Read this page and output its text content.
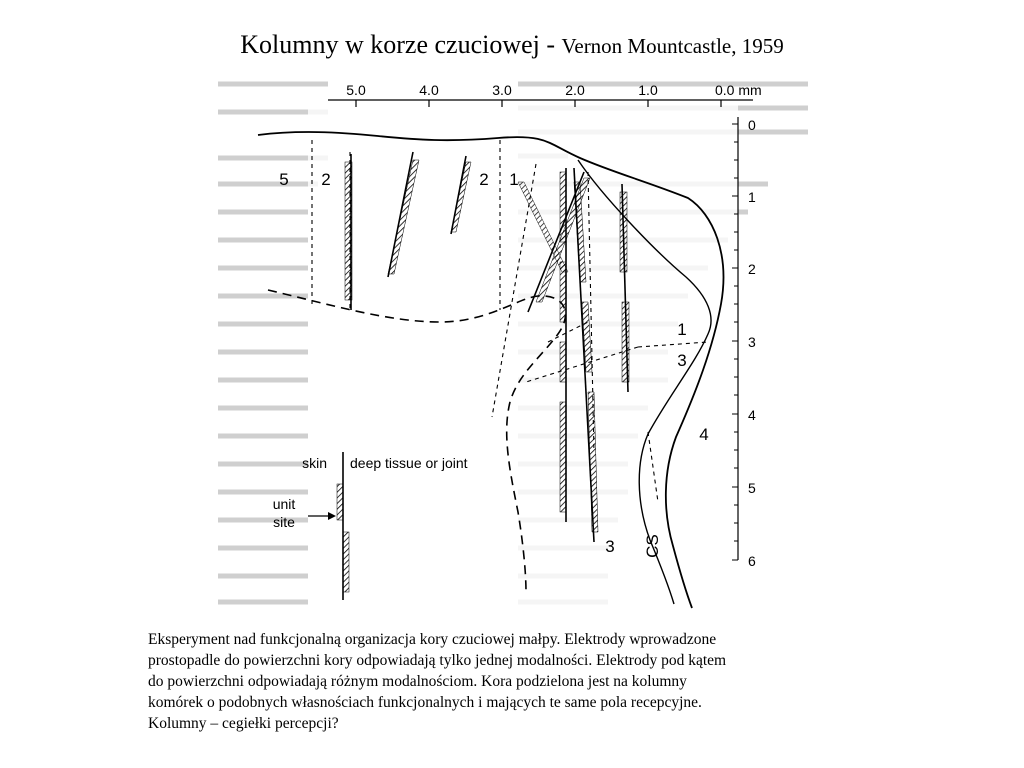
Kolumny w korze czuciowej - Vernon Mountcastle, 1959
5.0	4.0	3.0	2.0	1.0	0.0 mm
0
1
2
3
4
5
6
5 2	2 1
1
3
4
3 CS
skin deep tissue or joint
unit
site
Eksperyment nad funkcjonalną organizacja kory czuciowej małpy. Elektrody wprowadzone
prostopadle do powierzchni kory odpowiadają tylko jednej modalności. Elektrody pod kątem
do powierzchni odpowiadają różnym modalnościom. Kora podzielona jest na kolumny
komórek o podobnych własnościach funkcjonalnych i mających te same pola recepcyjne.
Kolumny – cegiełki percepcji?
